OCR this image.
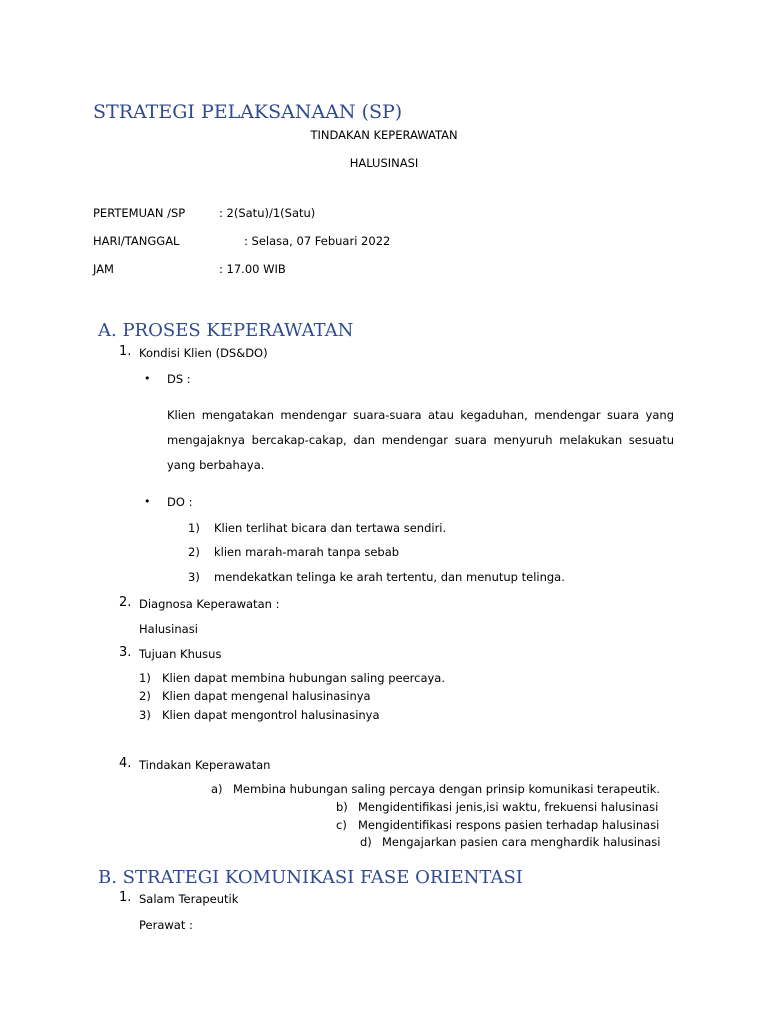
STRATEGI PELAKSANAAN (SP)
TINDAKAN KEPERAWATAN
HALUSINASI
PERTEMUAN /SP	: 2(Satu)/1(Satu)
HARI/TANGGAL	: Selasa, 07 Febuari 2022
JAM	: 17.00 WIB
A. PROSES KEPERAWATAN
1. Kondisi Klien (DS&DO)
• DS :
Klien mengatakan mendengar suara-suara atau kegaduhan, mendengar suara yang mengajaknya bercakap-cakap, dan mendengar suara menyuruh melakukan sesuatu yang berbahaya.
• DO :
1) Klien terlihat bicara dan tertawa sendiri.
2) klien marah-marah tanpa sebab
3) mendekatkan telinga ke arah tertentu, dan menutup telinga.
2. Diagnosa Keperawatan :
Halusinasi
3. Tujuan Khusus
1) Klien dapat membina hubungan saling peercaya.
2) Klien dapat mengenal halusinasinya
3) Klien dapat mengontrol halusinasinya
4. Tindakan Keperawatan
a) Membina hubungan saling percaya dengan prinsip komunikasi terapeutik.
b) Mengidentifikasi jenis,isi waktu, frekuensi halusinasi
c) Mengidentifikasi respons pasien terhadap halusinasi
d) Mengajarkan pasien cara menghardik halusinasi
B. STRATEGI KOMUNIKASI FASE ORIENTASI
1. Salam Terapeutik
Perawat :
